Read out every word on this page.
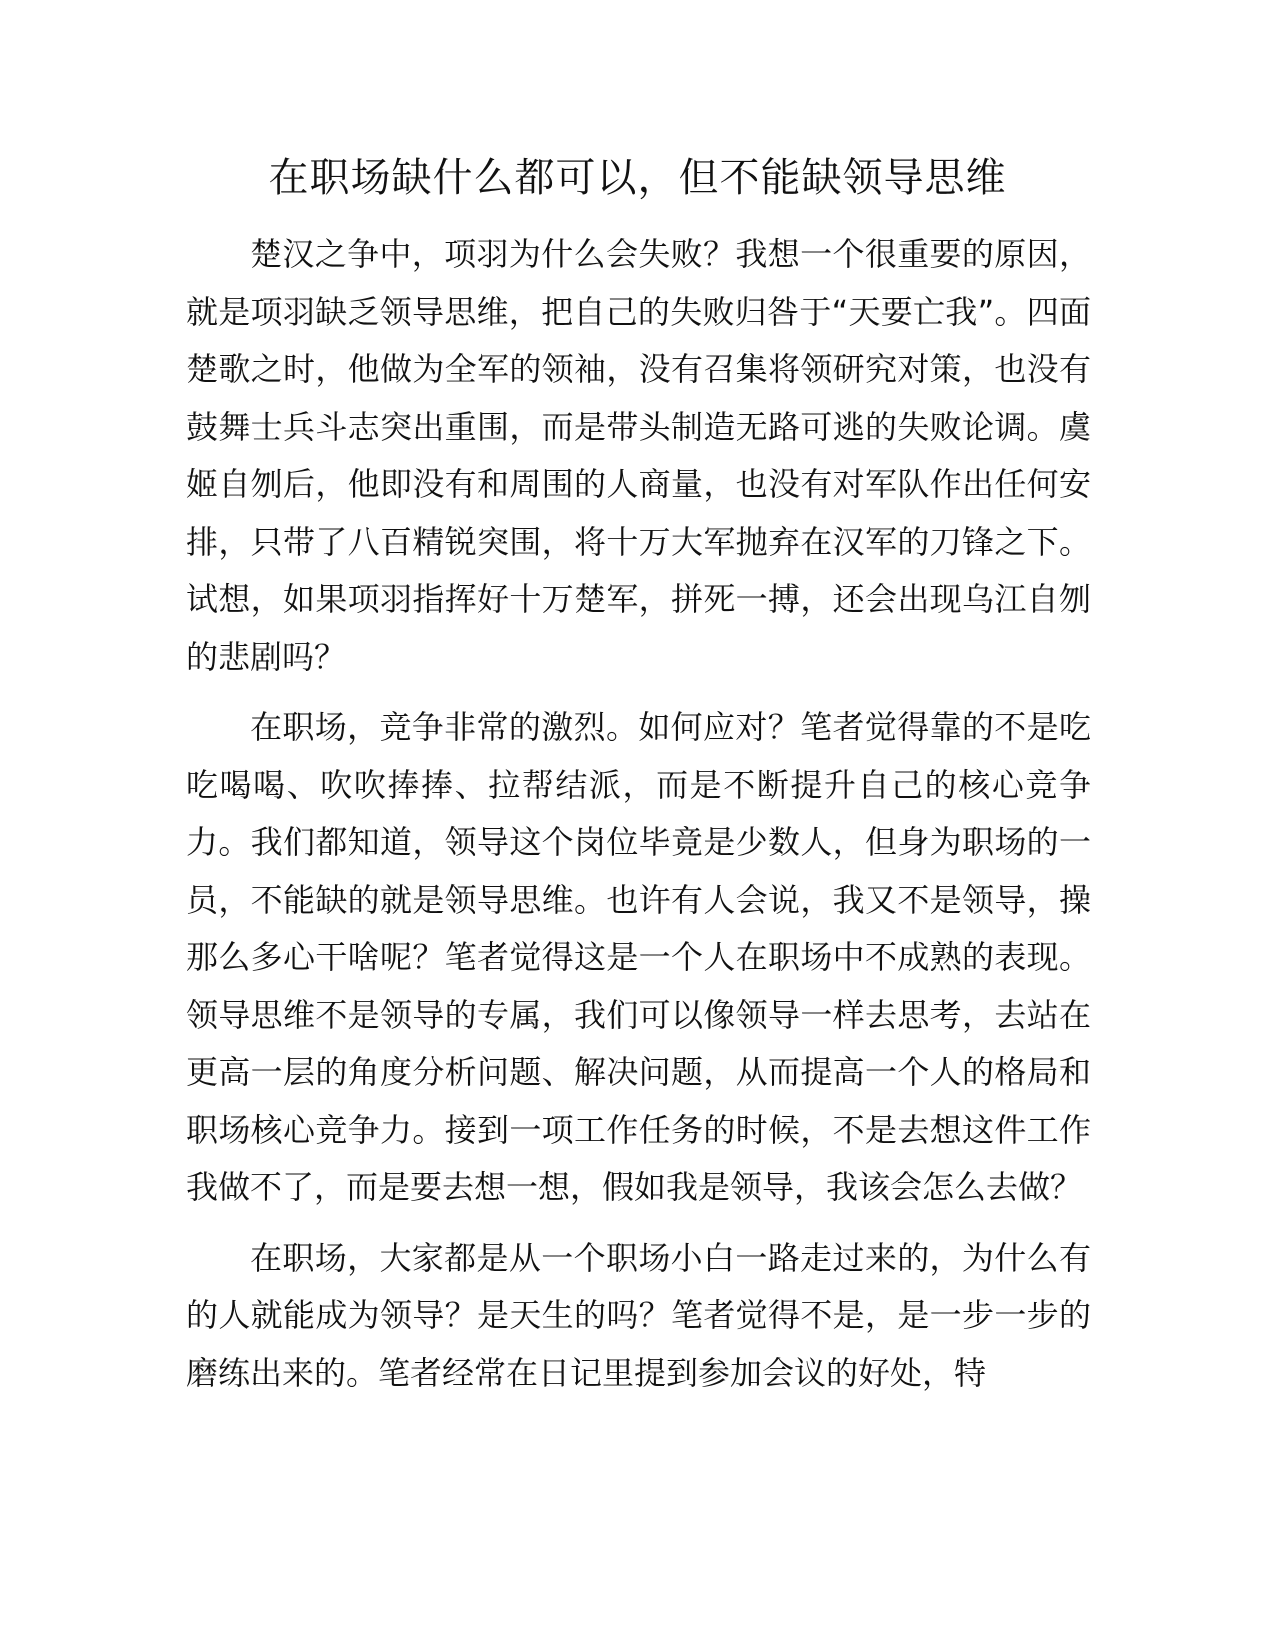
在职场缺什么都可以，但不能缺领导思维

楚汉之争中，项羽为什么会失败？我想一个很重要的原因，就是项羽缺乏领导思维，把自己的失败归咎于“天要亡我”。四面楚歌之时，他做为全军的领袖，没有召集将领研究对策，也没有鼓舞士兵斗志突出重围，而是带头制造无路可逃的失败论调。虞姬自刎后，他即没有和周围的人商量，也没有对军队作出任何安排，只带了八百精锐突围，将十万大军抛弃在汉军的刀锋之下。试想，如果项羽指挥好十万楚军，拼死一搏，还会出现乌江自刎的悲剧吗？

在职场，竞争非常的激烈。如何应对？笔者觉得靠的不是吃吃喝喝、吹吹捧捧、拉帮结派，而是不断提升自己的核心竞争力。我们都知道，领导这个岗位毕竟是少数人，但身为职场的一员，不能缺的就是领导思维。也许有人会说，我又不是领导，操那么多心干啥呢？笔者觉得这是一个人在职场中不成熟的表现。领导思维不是领导的专属，我们可以像领导一样去思考，去站在更高一层的角度分析问题、解决问题，从而提高一个人的格局和职场核心竞争力。接到一项工作任务的时候，不是去想这件工作我做不了，而是要去想一想，假如我是领导，我该会怎么去做？

在职场，大家都是从一个职场小白一路走过来的，为什么有的人就能成为领导？是天生的吗？笔者觉得不是，是一步一步的磨练出来的。笔者经常在日记里提到参加会议的好处，特
